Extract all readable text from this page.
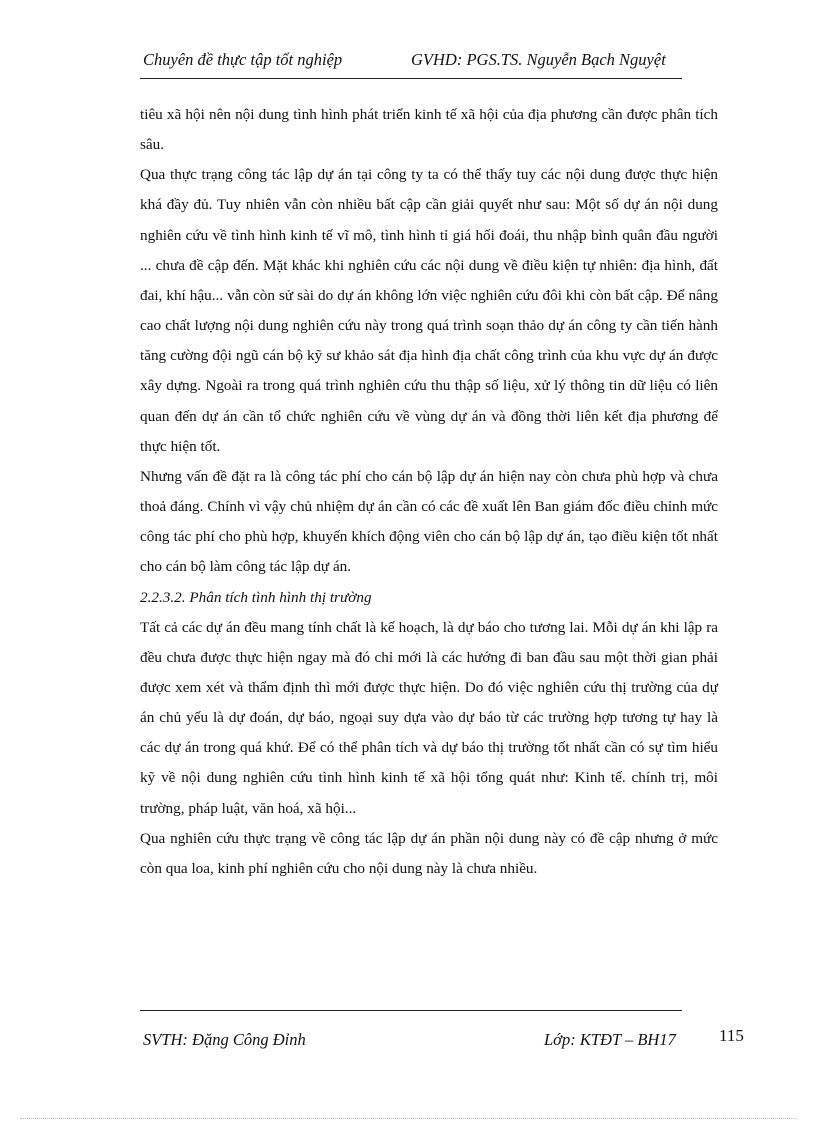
Chuyên đề thực tập tốt nghiệp	GVHD: PGS.TS. Nguyễn Bạch Nguyệt

tiêu xã hội nên nội dung tình hình phát triển kinh tế xã hội của địa phương cần được phân tích sâu.

Qua thực trạng công tác lập dự án tại công ty ta có thể thấy tuy các nội dung được thực hiện khá đầy đủ. Tuy nhiên vẫn còn nhiều bất cập cần giải quyết như sau: Một số dự án nội dung nghiên cứu về tình hình kinh tế vĩ mô, tình hình tỉ giá hối đoái, thu nhập bình quân đầu người ... chưa đề cập đến. Mặt khác khi nghiên cứu các nội dung về điều kiện tự nhiên: địa hình, đất đai, khí hậu... vẫn còn sử sài do dự án không lớn việc nghiên cứu đôi khi còn bất cập. Để nâng cao chất lượng nội dung nghiên cứu này trong quá trình soạn thảo dự án công ty cần tiến hành tăng cường đội ngũ cán bộ kỹ sư khảo sát địa hình địa chất công trình của khu vực dự án được xây dựng. Ngoài ra trong quá trình nghiên cứu thu thập số liệu, xử lý thông tin dữ liệu có liên quan đến dự án cần tổ chức nghiên cứu về vùng dự án và đồng thời liên kết địa phương để thực hiện tốt.

Nhưng vấn đề đặt ra là công tác phí cho cán bộ lập dự án hiện nay còn chưa phù hợp và chưa thoả đáng. Chính vì vậy chủ nhiệm dự án cần có các đề xuất lên Ban giám đốc điều chỉnh mức công tác phí cho phù hợp, khuyến khích động viên cho cán bộ lập dự án, tạo điều kiện tốt nhất cho cán bộ làm công tác lập dự án.

2.2.3.2. Phân tích tình hình thị trường

Tất cả các dự án đều mang tính chất là kế hoạch, là dự báo cho tương lai. Mỗi dự án khi lập ra đều chưa được thực hiện ngay mà đó chỉ mới là các hướng đi ban đầu sau một thời gian phải được xem xét và thẩm định thì mới được thực hiện. Do đó việc nghiên cứu thị trường của dự án chủ yếu là dự đoán, dự báo, ngoại suy dựa vào dự báo từ các trường hợp tương tự hay là các dự án trong quá khứ. Để có thể phân tích và dự báo thị trường tốt nhất cần có sự tìm hiểu kỹ về nội dung nghiên cứu tình hình kinh tế xã hội tổng quát như: Kinh tế. chính trị, môi trường, pháp luật, văn hoá, xã hội...

Qua nghiên cứu thực trạng về công tác lập dự án phần nội dung này có đề cập nhưng ở mức còn qua loa, kinh phí nghiên cứu cho nội dung này là chưa nhiều.

SVTH: Đặng Công Đỉnh	Lớp: KTĐT – BH17	115
